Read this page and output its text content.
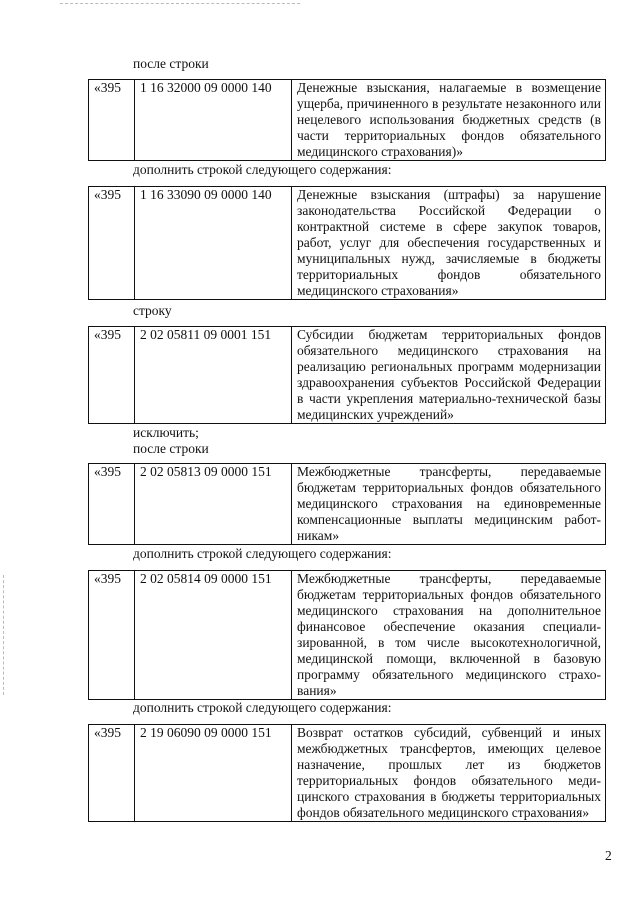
после строки
«395	1 16 32000 09 0000 140	Денежные взыскания, налагаемые в возмещение ущерба, причиненного в результате незаконного или нецелевого использования бюджетных средств (в части территориальных фондов обязательного медицинского страхования)»
дополнить строкой следующего содержания:
«395	1 16 33090 09 0000 140	Денежные взыскания (штрафы) за нарушение законодательства Российской Федерации о контрактной системе в сфере закупок товаров, работ, услуг для обеспечения государственных и муниципальных нужд, зачисляемые в бюджеты территориальных фондов обязательного медицинского страхования»
строку
«395	2 02 05811 09 0001 151	Субсидии бюджетам территориальных фондов обязательного медицинского страхования на реализацию региональных программ модернизации здравоохранения субъектов Российской Федерации в части укрепления материально-технической базы медицинских учреждений»
исключить;
после строки
«395	2 02 05813 09 0000 151	Межбюджетные трансферты, передаваемые бюджетам территориальных фондов обязательного медицинского страхования на единовременные компенсационные выплаты медицинским работ-никам»
дополнить строкой следующего содержания:
«395	2 02 05814 09 0000 151	Межбюджетные трансферты, передаваемые бюджетам территориальных фондов обязательного медицинского страхования на дополнительное финансовое обеспечение оказания специали-зированной, в том числе высокотехнологичной, медицинской помощи, включенной в базовую программу обязательного медицинского страхо-вания»
дополнить строкой следующего содержания:
«395	2 19 06090 09 0000 151	Возврат остатков субсидий, субвенций и иных межбюджетных трансфертов, имеющих целевое назначение, прошлых лет из бюджетов территориальных фондов обязательного меди-цинского страхования в бюджеты территориальных фондов обязательного медицинского страхования»
2
